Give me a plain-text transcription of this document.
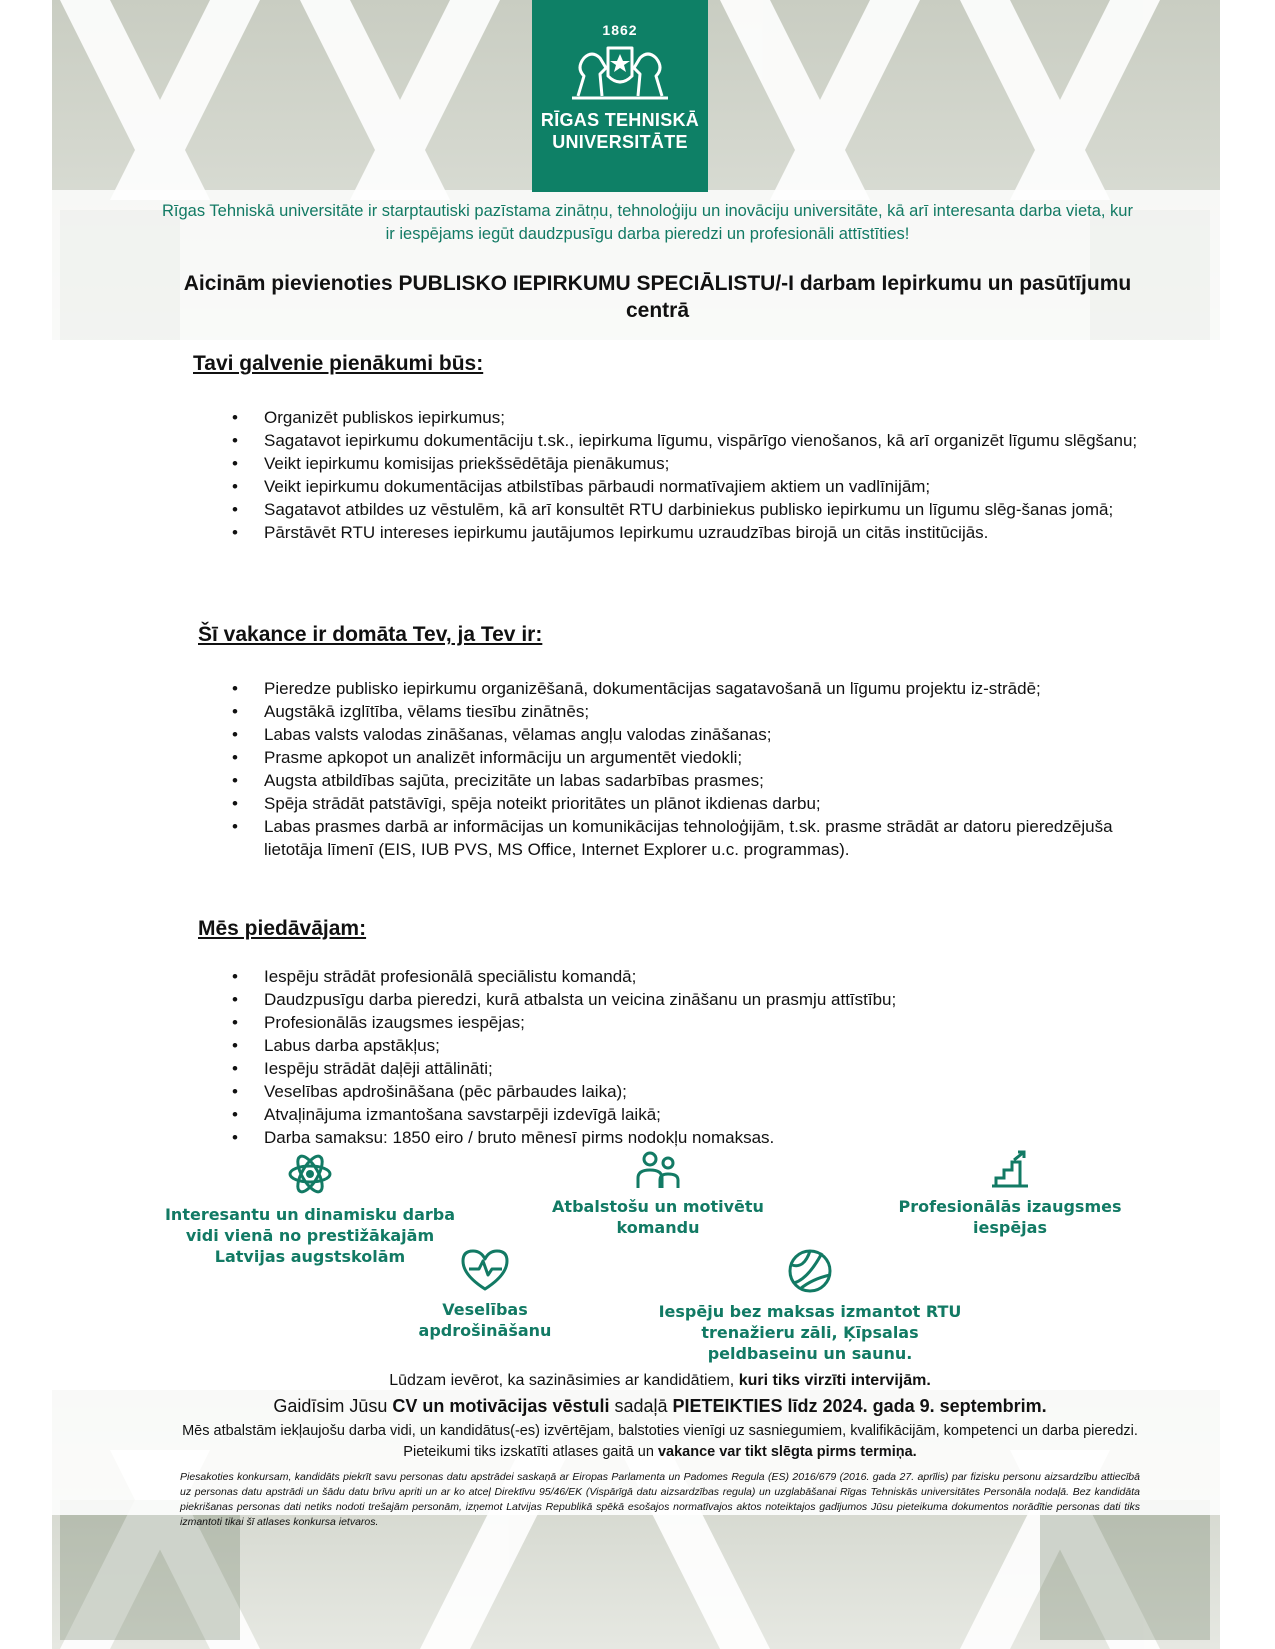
1862
RĪGAS TEHNISKĀ
UNIVERSITĀTE
Rīgas Tehniskā universitāte ir starptautiski pazīstama zinātņu, tehnoloģiju un inovāciju universitāte, kā arī interesanta darba vieta, kur ir iespējams iegūt daudzpusīgu darba pieredzi un profesionāli attīstīties!
Aicinām pievienoties PUBLISKO IEPIRKUMU SPECIĀLISTU/-I darbam Iepirkumu un pasūtījumu centrā
Tavi galvenie pienākumi būs:
• Organizēt publiskos iepirkumus;
• Sagatavot iepirkumu dokumentāciju t.sk., iepirkuma līgumu, vispārīgo vienošanos, kā arī organizēt līgumu slēgšanu;
• Veikt iepirkumu komisijas priekšsēdētāja pienākumus;
• Veikt iepirkumu dokumentācijas atbilstības pārbaudi normatīvajiem aktiem un vadlīnijām;
• Sagatavot atbildes uz vēstulēm, kā arī konsultēt RTU darbiniekus publisko iepirkumu un līgumu slēg-šanas jomā;
• Pārstāvēt RTU intereses iepirkumu jautājumos Iepirkumu uzraudzības birojā un citās institūcijās.
Šī vakance ir domāta Tev, ja Tev ir:
• Pieredze publisko iepirkumu organizēšanā, dokumentācijas sagatavošanā un līgumu projektu iz-strādē;
• Augstākā izglītība, vēlams tiesību zinātnēs;
• Labas valsts valodas zināšanas, vēlamas angļu valodas zināšanas;
• Prasme apkopot un analizēt informāciju un argumentēt viedokli;
• Augsta atbildības sajūta, precizitāte un labas sadarbības prasmes;
• Spēja strādāt patstāvīgi, spēja noteikt prioritātes un plānot ikdienas darbu;
• Labas prasmes darbā ar informācijas un komunikācijas tehnoloģijām, t.sk. prasme strādāt ar datoru pieredzējuša lietotāja līmenī (EIS, IUB PVS, MS Office, Internet Explorer u.c. programmas).
Mēs piedāvājam:
• Iespēju strādāt profesionālā speciālistu komandā;
• Daudzpusīgu darba pieredzi, kurā atbalsta un veicina zināšanu un prasmju attīstību;
• Profesionālās izaugsmes iespējas;
• Labus darba apstākļus;
• Iespēju strādāt daļēji attālināti;
• Veselības apdrošināšana (pēc pārbaudes laika);
• Atvaļinājuma izmantošana savstarpēji izdevīgā laikā;
• Darba samaksu: 1850 eiro / bruto mēnesī pirms nodokļu nomaksas.
Interesantu un dinamisku darba vidi vienā no prestižākajām Latvijas augstskolām
Atbalstošu un motivētu komandu
Profesionālās izaugsmes iespējas
Veselības apdrošināšanu
Iespēju bez maksas izmantot RTU trenažieru zāli, Ķīpsalas peldbaseinu un saunu.
Lūdzam ievērot, ka sazināsimies ar kandidātiem, kuri tiks virzīti intervijām.
Gaidīsim Jūsu CV un motivācijas vēstuli sadaļā PIETEIKTIES līdz 2024. gada 9. septembrim.
Mēs atbalstām iekļaujošu darba vidi, un kandidātus(-es) izvērtējam, balstoties vienīgi uz sasniegumiem, kvalifikācijām, kompetenci un darba pieredzi. Pieteikumi tiks izskatīti atlases gaitā un vakance var tikt slēgta pirms termiņa.
Piesakoties konkursam, kandidāts piekrīt savu personas datu apstrādei saskaņā ar Eiropas Parlamenta un Padomes Regula (ES) 2016/679 (2016. gada 27. aprīlis) par fizisku personu aizsardzību attiecībā uz personas datu apstrādi un šādu datu brīvu apriti un ar ko atceļ Direktīvu 95/46/EK (Vispārīgā datu aizsardzības regula) un uzglabāšanai Rīgas Tehniskās universitātes Personāla nodaļā. Bez kandidāta piekrišanas personas dati netiks nodoti trešajām personām, izņemot Latvijas Republikā spēkā esošajos normatīvajos aktos noteiktajos gadījumos Jūsu pieteikuma dokumentos norādītie personas dati tiks izmantoti tikai šī atlases konkursa ietvaros.
